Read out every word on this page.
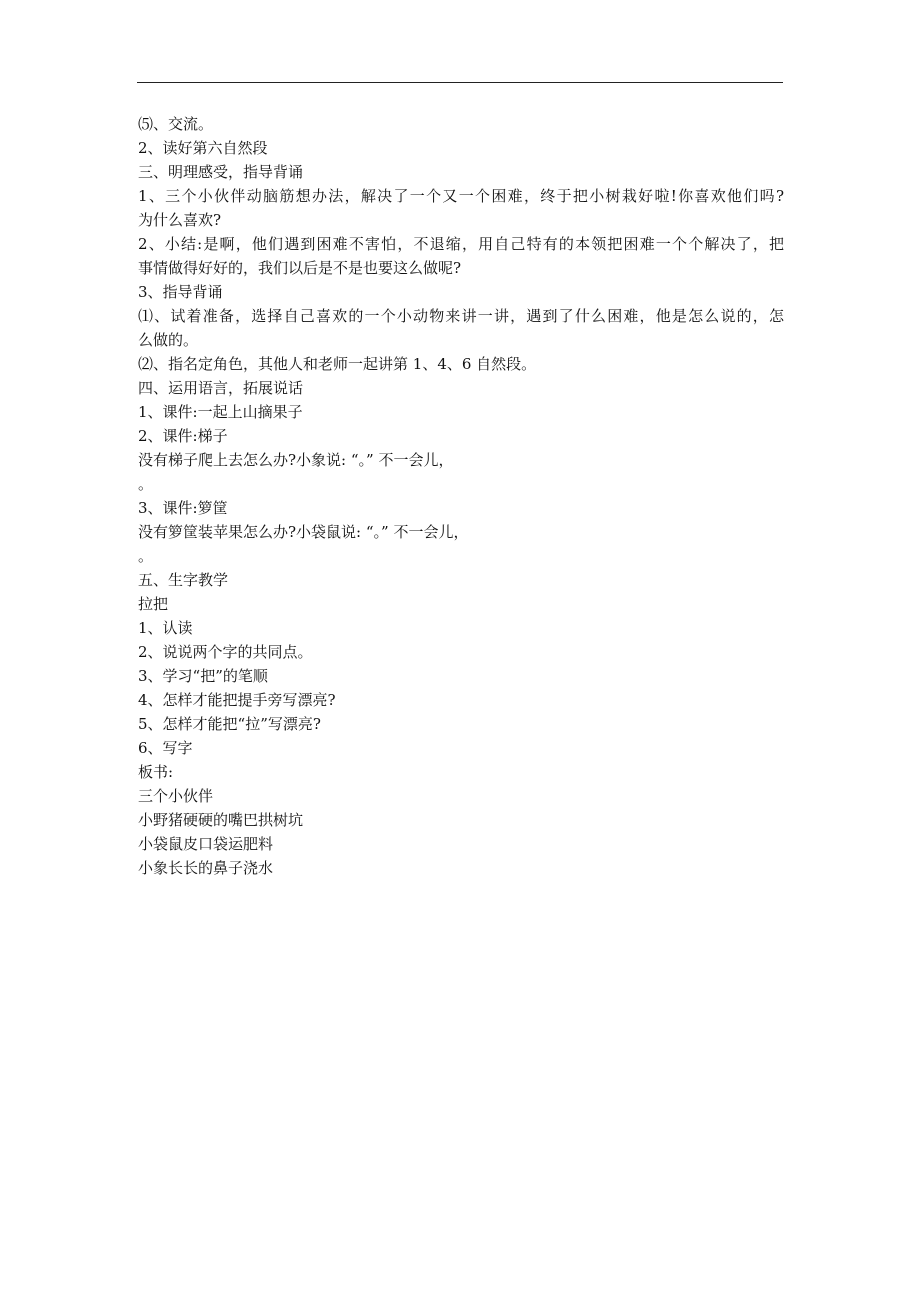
⑸、交流。
2、读好第六自然段
三、明理感受，指导背诵
1、三个小伙伴动脑筋想办法，解决了一个又一个困难，终于把小树栽好啦!你喜欢他们吗?
为什么喜欢?
2、小结:是啊，他们遇到困难不害怕，不退缩，用自己特有的本领把困难一个个解决了，把
事情做得好好的，我们以后是不是也要这么做呢?
3、指导背诵
⑴、试着准备，选择自己喜欢的一个小动物来讲一讲，遇到了什么困难，他是怎么说的，怎
么做的。
⑵、指名定角色，其他人和老师一起讲第 1、4、6 自然段。
四、运用语言，拓展说话
1、课件:一起上山摘果子
2、课件:梯子
没有梯子爬上去怎么办?小象说: “。” 不一会儿，
。
3、课件:箩筐
没有箩筐装苹果怎么办?小袋鼠说: “。” 不一会儿，
。
五、生字教学
拉把
1、认读
2、说说两个字的共同点。
3、学习“把”的笔顺
4、怎样才能把提手旁写漂亮?
5、怎样才能把“拉”写漂亮?
6、写字
板书:
三个小伙伴
小野猪硬硬的嘴巴拱树坑
小袋鼠皮口袋运肥料
小象长长的鼻子浇水
